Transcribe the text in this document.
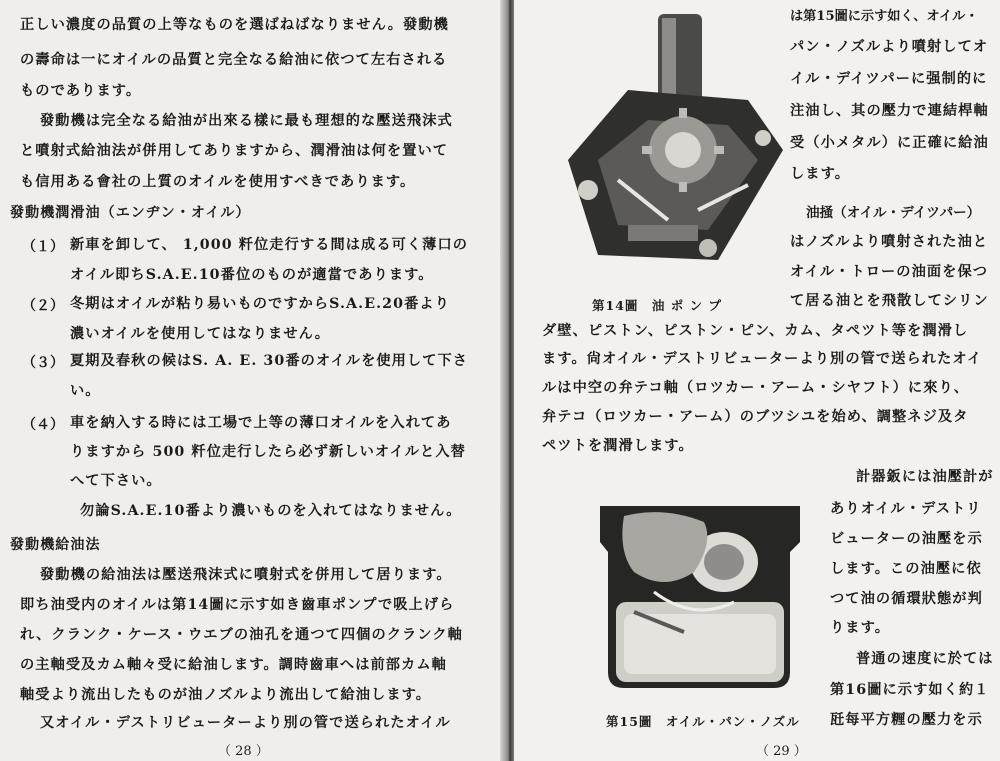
正しい濃度の品質の上等なものを選ばねばなりません。發動機
の壽命は一にオイルの品質と完全なる給油に依つて左右される
ものであります。
發動機は完全なる給油が出來る樣に最も理想的な壓送飛沫式
と噴射式給油法が併用してありますから、潤滑油は何を置いて
も信用ある會社の上質のオイルを使用すべきであります。
發動機潤滑油（エンヂン・オイル）
（１） 新車を卸して、 1,000 粁位走行する間は成る可く薄口の
オイル即ちS.A.E.10番位のものが適當であります。
（２） 冬期はオイルが粘り易いものですからS.A.E.20番より
濃いオイルを使用してはなりません。
（３） 夏期及春秋の候はS. A. E. 30番のオイルを使用して下さ
い。
（４） 車を納入する時には工場で上等の薄口オイルを入れてあ
りますから 500 粁位走行したら必ず新しいオイルと入替
へて下さい。
勿論S.A.E.10番より濃いものを入れてはなりません。
發動機給油法
發動機の給油法は壓送飛沫式に噴射式を併用して居ります。
即ち油受内のオイルは第14圖に示す如き齒車ポンプで吸上げら
れ、クランク・ケース・ウエブの油孔を通つて四個のクランク軸
の主軸受及カム軸々受に給油します。調時齒車へは前部カム軸
軸受より流出したものが油ノズルより流出して給油します。
又オイル・デストリビューターより別の管で送られたオイル
（ 28 ）
第14圖　油 ポ ン プ
は第15圖に示す如く、オイル・
パン・ノズルより噴射してオ
イル・デイツパーに强制的に
注油し、其の壓力で連結桿軸
受（小メタル）に正確に給油
します。
油掻（オイル・デイツパー）
はノズルより噴射された油と
オイル・トローの油面を保つ
て居る油とを飛散してシリン
ダ壁、ピストン、ピストン・ピン、カム、タペツト等を潤滑し
ます。尙オイル・デストリビューターより別の管で送られたオイ
ルは中空の弁テコ軸（ロツカー・アーム・シヤフト）に來り、
弁テコ（ロツカー・アーム）のブツシユを始め、調整ネジ及タ
ペツトを潤滑します。
第15圖　オイル・パン・ノズル
計器鈑には油壓計が
ありオイル・デストリ
ビューターの油壓を示
します。この油壓に依
つて油の循環狀態が判
ります。
普通の速度に於ては
第16圖に示す如く約１
瓩每平方糎の壓力を示
（ 29 ）
